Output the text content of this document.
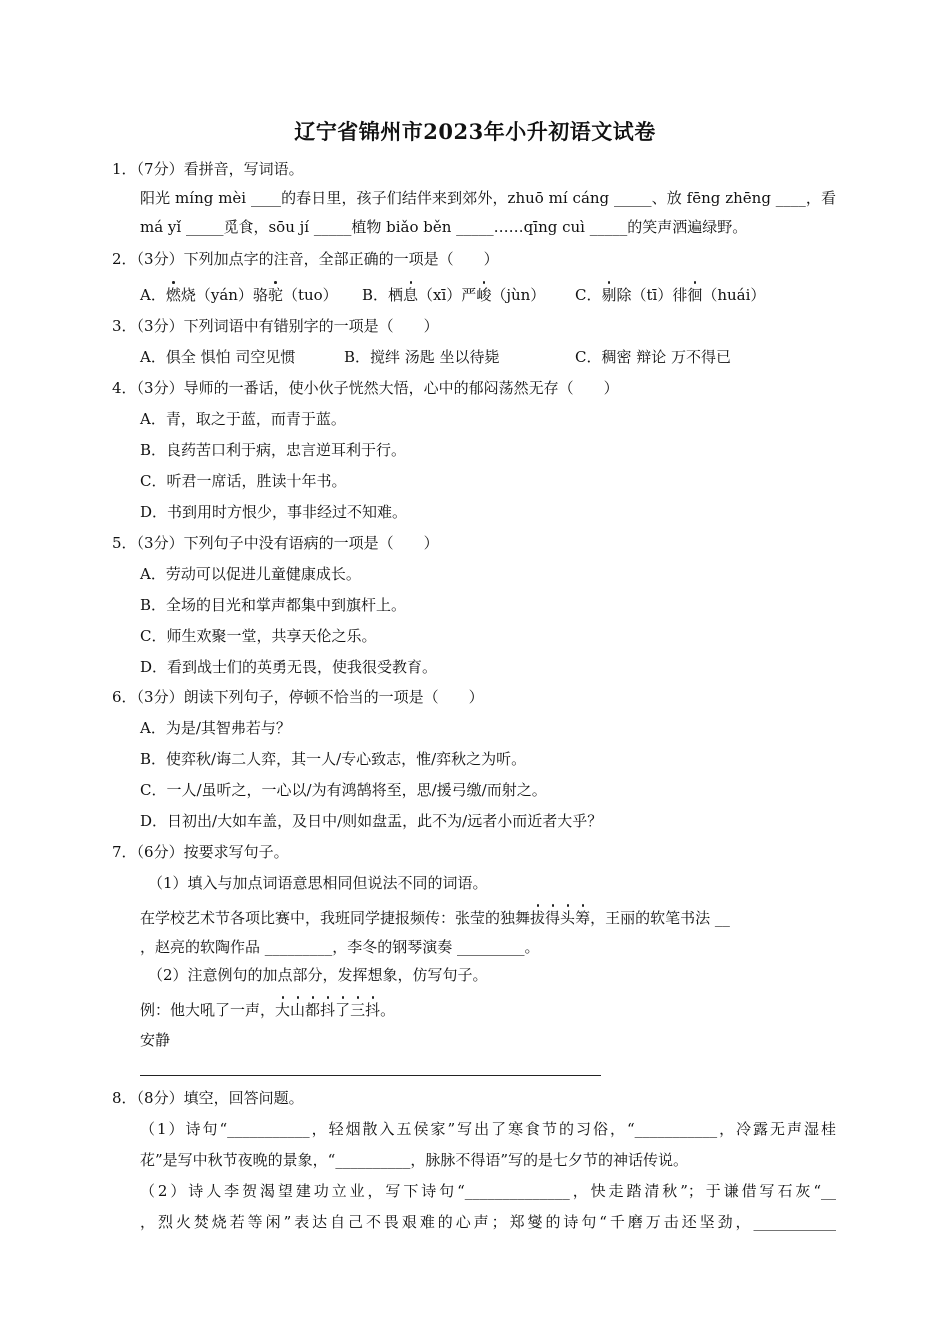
辽宁省锦州市2023年小升初语文试卷
1．（7分）看拼音，写词语。
阳光 míng mèi ____的春日里，孩子们结伴来到郊外，zhuō mí cáng _____、放 fēng zhēng ____，看
má yǐ _____觅食，sōu jí _____植物 biǎo běn _____……qīng cuì _____的笑声洒遍绿野。
2．（3分）下列加点字的注音，全部正确的一项是（　　）
A．燃烧（yán）骆驼（tuo） B．栖息（xī）严峻（jùn） C．剔除（tī）徘徊（huái）
3．（3分）下列词语中有错别字的一项是（　　）
A．俱全 惧怕 司空见惯	B．搅绊 汤匙 坐以待毙	C．稠密 辩论 万不得已
4．（3分）导师的一番话，使小伙子恍然大悟，心中的郁闷荡然无存（　　）
A．青，取之于蓝，而青于蓝。
B．良药苦口利于病，忠言逆耳利于行。
C．听君一席话，胜读十年书。
D．书到用时方恨少，事非经过不知难。
5．（3分）下列句子中没有语病的一项是（　　）
A．劳动可以促进儿童健康成长。
B．全场的目光和掌声都集中到旗杆上。
C．师生欢聚一堂，共享天伦之乐。
D．看到战士们的英勇无畏，使我很受教育。
6．（3分）朗读下列句子，停顿不恰当的一项是（　　）
A．为是/其智弗若与？
B．使弈秋/诲二人弈，其一人/专心致志，惟/弈秋之为听。
C．一人/虽听之，一心以/为有鸿鹄将至，思/援弓缴/而射之。
D．日初出/大如车盖，及日中/则如盘盂，此不为/远者小而近者大乎？
7．（6分）按要求写句子。
（1）填入与加点词语意思相同但说法不同的词语。
在学校艺术节各项比赛中，我班同学捷报频传：张莹的独舞拔得头筹，王丽的软笔书法 __
，赵亮的软陶作品 _________，李冬的钢琴演奏 _________。
（2）注意例句的加点部分，发挥想象，仿写句子。
例：他大吼了一声，大山都抖了三抖。
安静
8．（8分）填空，回答问题。
（1）诗句“___________，轻烟散入五侯家”写出了寒食节的习俗，“___________，冷露无声湿桂
花”是写中秋节夜晚的景象，“__________，脉脉不得语”写的是七夕节的神话传说。
（2）诗人李贺渴望建功立业，写下诗句“______________，快走踏清秋”；于谦借写石灰“__
，烈火焚烧若等闲”表达自己不畏艰难的心声；郑燮的诗句“千磨万击还坚劲，___________
